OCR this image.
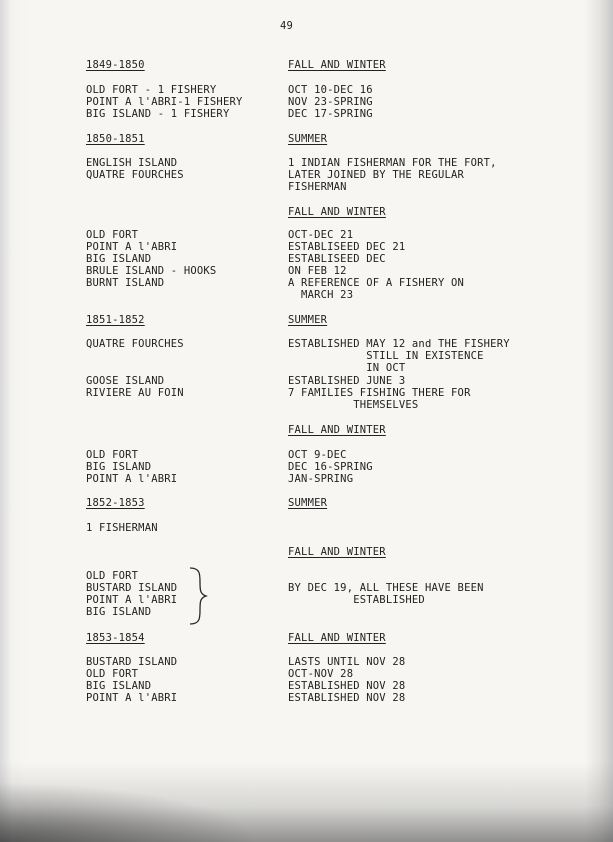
49
1849-1850	FALL AND WINTER
OLD FORT - 1 FISHERY	OCT 10-DEC 16
POINT A l'ABRI-1 FISHERY	NOV 23-SPRING
BIG ISLAND - 1 FISHERY	DEC 17-SPRING
1850-1851	SUMMER
ENGLISH ISLAND	1 INDIAN FISHERMAN FOR THE FORT,
QUATRE FOURCHES	LATER JOINED BY THE REGULAR
FISHERMAN
FALL AND WINTER
OLD FORT	OCT-DEC 21
POINT A l'ABRI	ESTABLISEED DEC 21
BIG ISLAND	ESTABLISEED DEC
BRULE ISLAND - HOOKS	ON FEB 12
BURNT ISLAND	A REFERENCE OF A FISHERY ON
MARCH 23
1851-1852	SUMMER
QUATRE FOURCHES	ESTABLISHED MAY 12 and THE FISHERY
STILL IN EXISTENCE
IN OCT
GOOSE ISLAND	ESTABLISHED JUNE 3
RIVIERE AU FOIN	7 FAMILIES FISHING THERE FOR
THEMSELVES
FALL AND WINTER
OLD FORT	OCT 9-DEC
BIG ISLAND	DEC 16-SPRING
POINT A l'ABRI	JAN-SPRING
1852-1853	SUMMER
1 FISHERMAN
FALL AND WINTER
OLD FORT
BUSTARD ISLAND	BY DEC 19, ALL THESE HAVE BEEN
POINT A l'ABRI	ESTABLISHED
BIG ISLAND
1853-1854	FALL AND WINTER
BUSTARD ISLAND	LASTS UNTIL NOV 28
OLD FORT	OCT-NOV 28
BIG ISLAND	ESTABLISHED NOV 28
POINT A l'ABRI	ESTABLISHED NOV 28
